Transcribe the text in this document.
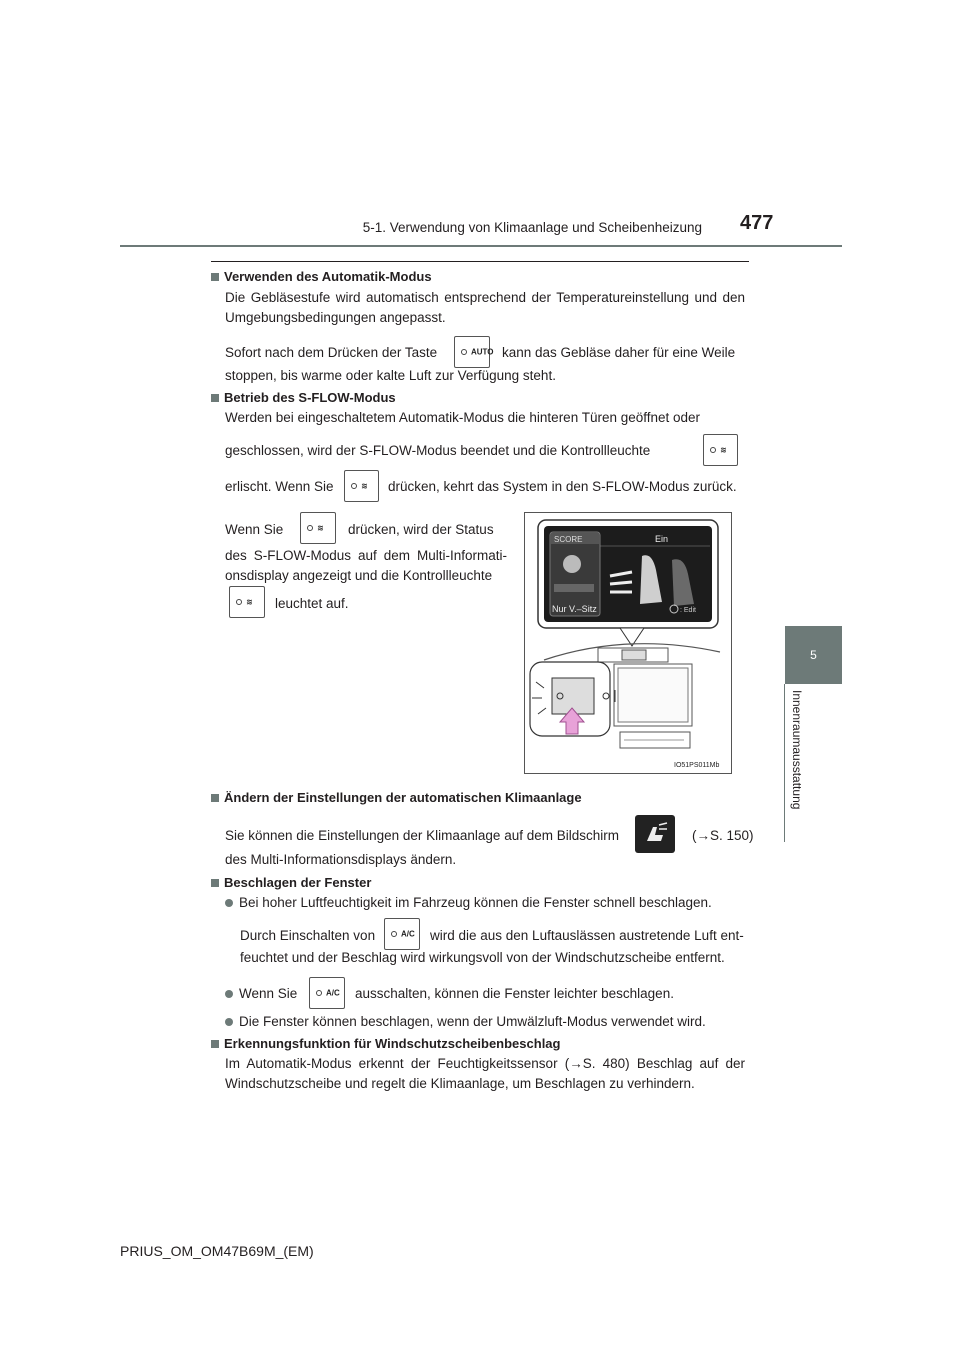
5-1. Verwendung von Klimaanlage und Scheibenheizung 477
5
Innenraumausstattung
Verwenden des Automatik-Modus
Die Gebläsestufe wird automatisch entsprechend der Temperatureinstellung und den Umgebungsbedingungen angepasst.
Sofort nach dem Drücken der Taste	AUTO kann das Gebläse daher für eine Weile
stoppen, bis warme oder kalte Luft zur Verfügung steht.
Betrieb des S-FLOW-Modus
Werden bei eingeschaltetem Automatik-Modus die hinteren Türen geöffnet oder
geschlossen, wird der S-FLOW-Modus beendet und die Kontrollleuchte	≋
erlischt. Wenn Sie	≋ drücken, kehrt das System in den S-FLOW-Modus zurück.
Wenn Sie	≋ drücken, wird der Status
des S-FLOW-Modus auf dem Multi-Informati-onsdisplay angezeigt und die Kontrollleuchte
≋ leuchtet auf.
SCORE	Ein
Nur V.–Sitz	: Edit
IO51PS011Mb
Ändern der Einstellungen der automatischen Klimaanlage
Sie können die Einstellungen der Klimaanlage auf dem Bildschirm	(→S. 150)
des Multi-Informationsdisplays ändern.
Beschlagen der Fenster
Bei hoher Luftfeuchtigkeit im Fahrzeug können die Fenster schnell beschlagen.
Durch Einschalten von	A/C wird die aus den Luftauslässen austretende Luft ent-
feuchtet und der Beschlag wird wirkungsvoll von der Windschutzscheibe entfernt.
Wenn Sie	A/C ausschalten, können die Fenster leichter beschlagen.
Die Fenster können beschlagen, wenn der Umwälzluft-Modus verwendet wird.
Erkennungsfunktion für Windschutzscheibenbeschlag
Im Automatik-Modus erkennt der Feuchtigkeitssensor (→S. 480) Beschlag auf der Windschutzscheibe und regelt die Klimaanlage, um Beschlagen zu verhindern.
PRIUS_OM_OM47B69M_(EM)
